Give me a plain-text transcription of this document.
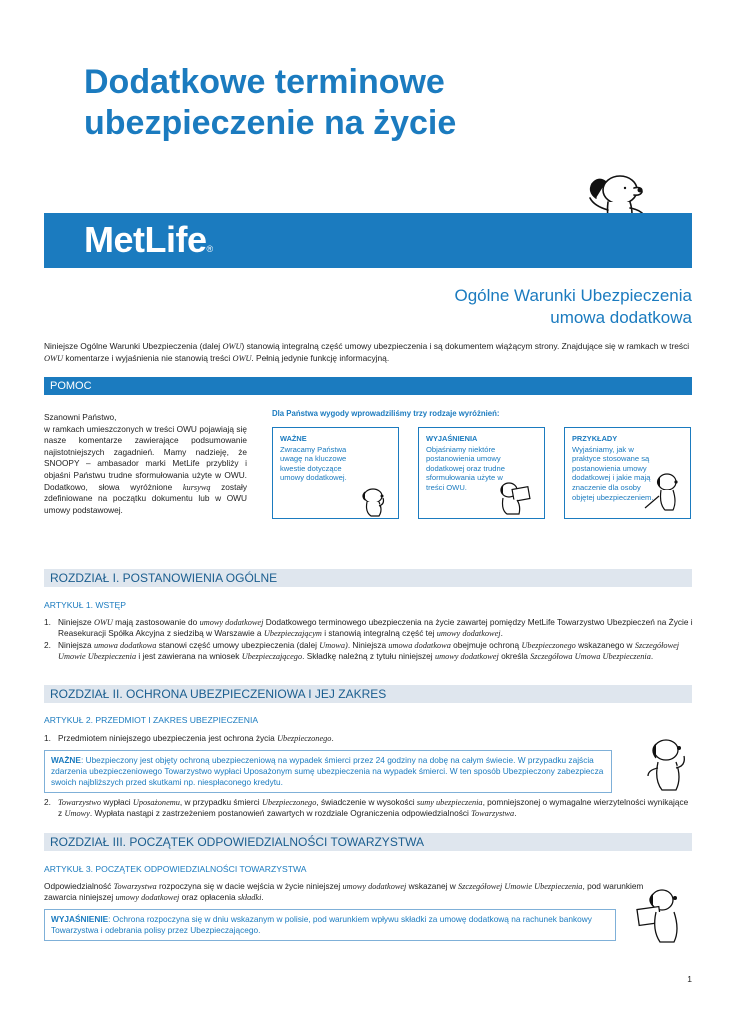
Dodatkowe terminowe
ubezpieczenie na życie
MetLife®
Ogólne Warunki Ubezpieczenia
umowa dodatkowa

Niniejsze Ogólne Warunki Ubezpieczenia (dalej OWU) stanowią integralną część umowy ubezpieczenia i są dokumentem wiążącym strony. Znajdujące się w ramkach w treści OWU komentarze i wyjaśnienia nie stanowią treści OWU. Pełnią jedynie funkcję informacyjną.

POMOC
Szanowni Państwo,
w ramkach umieszczonych w treści OWU pojawiają się nasze komentarze zawierające podsumowanie najistotniejszych zagadnień. Mamy nadzieję, że SNOOPY – ambasador marki MetLife przybliży i objaśni Państwu trudne sformułowania użyte w OWU. Dodatkowo, słowa wyróżnione kursywą zostały zdefiniowane na początku dokumentu lub w OWU umowy podstawowej.
Dla Państwa wygody wprowadziliśmy trzy rodzaje wyróżnień:
WAŻNE
Zwracamy Państwa uwagę na kluczowe kwestie dotyczące umowy dodatkowej.
WYJAŚNIENIA
Objaśniamy niektóre postanowienia umowy dodatkowej oraz trudne sformułowania użyte w treści OWU.
PRZYKŁADY
Wyjaśniamy, jak w praktyce stosowane są postanowienia umowy dodatkowej i jakie mają znaczenie dla osoby objętej ubezpieczeniem.
ROZDZIAŁ I. POSTANOWIENIA OGÓLNE
ARTYKUŁ 1. WSTĘP
1. Niniejsze OWU mają zastosowanie do umowy dodatkowej Dodatkowego terminowego ubezpieczenia na życie zawartej pomiędzy MetLife Towarzystwo Ubezpieczeń na Życie i Reasekuracji Spółka Akcyjna z siedzibą w Warszawie a Ubezpieczającym i stanowią integralną część tej umowy dodatkowej.
2. Niniejsza umowa dodatkowa stanowi część umowy ubezpieczenia (dalej Umowa). Niniejsza umowa dodatkowa obejmuje ochroną Ubezpieczonego wskazanego w Szczegółowej Umowie Ubezpieczenia i jest zawierana na wniosek Ubezpieczającego. Składkę należną z tytułu niniejszej umowy dodatkowej określa Szczegółowa Umowa Ubezpieczenia.
ROZDZIAŁ II. OCHRONA UBEZPIECZENIOWA I JEJ ZAKRES
ARTYKUŁ 2. PRZEDMIOT I ZAKRES UBEZPIECZENIA
1. Przedmiotem niniejszego ubezpieczenia jest ochrona życia Ubezpieczonego.
WAŻNE: Ubezpieczony jest objęty ochroną ubezpieczeniową na wypadek śmierci przez 24 godziny na dobę na całym świecie. W przypadku zajścia zdarzenia ubezpieczeniowego Towarzystwo wypłaci Uposażonym sumę ubezpieczenia na wypadek śmierci. W ten sposób Ubezpieczony zabezpiecza swoich najbliższych przed skutkami np. niespłaconego kredytu.
2. Towarzystwo wypłaci Uposażonemu, w przypadku śmierci Ubezpieczonego, świadczenie w wysokości sumy ubezpieczenia, pomniejszonej o wymagalne wierzytelności wynikające z Umowy. Wypłata nastąpi z zastrzeżeniem postanowień zawartych w rozdziale Ograniczenia odpowiedzialności Towarzystwa.
ROZDZIAŁ III. POCZĄTEK ODPOWIEDZIALNOŚCI TOWARZYSTWA
ARTYKUŁ 3. POCZĄTEK ODPOWIEDZIALNOŚCI TOWARZYSTWA
Odpowiedzialność Towarzystwa rozpoczyna się w dacie wejścia w życie niniejszej umowy dodatkowej wskazanej w Szczegółowej Umowie Ubezpieczenia, pod warunkiem zawarcia niniejszej umowy dodatkowej oraz opłacenia składki.
WYJAŚNIENIE: Ochrona rozpoczyna się w dniu wskazanym w polisie, pod warunkiem wpływu składki za umowę dodatkową na rachunek bankowy Towarzystwa i odebrania polisy przez Ubezpieczającego.
1
